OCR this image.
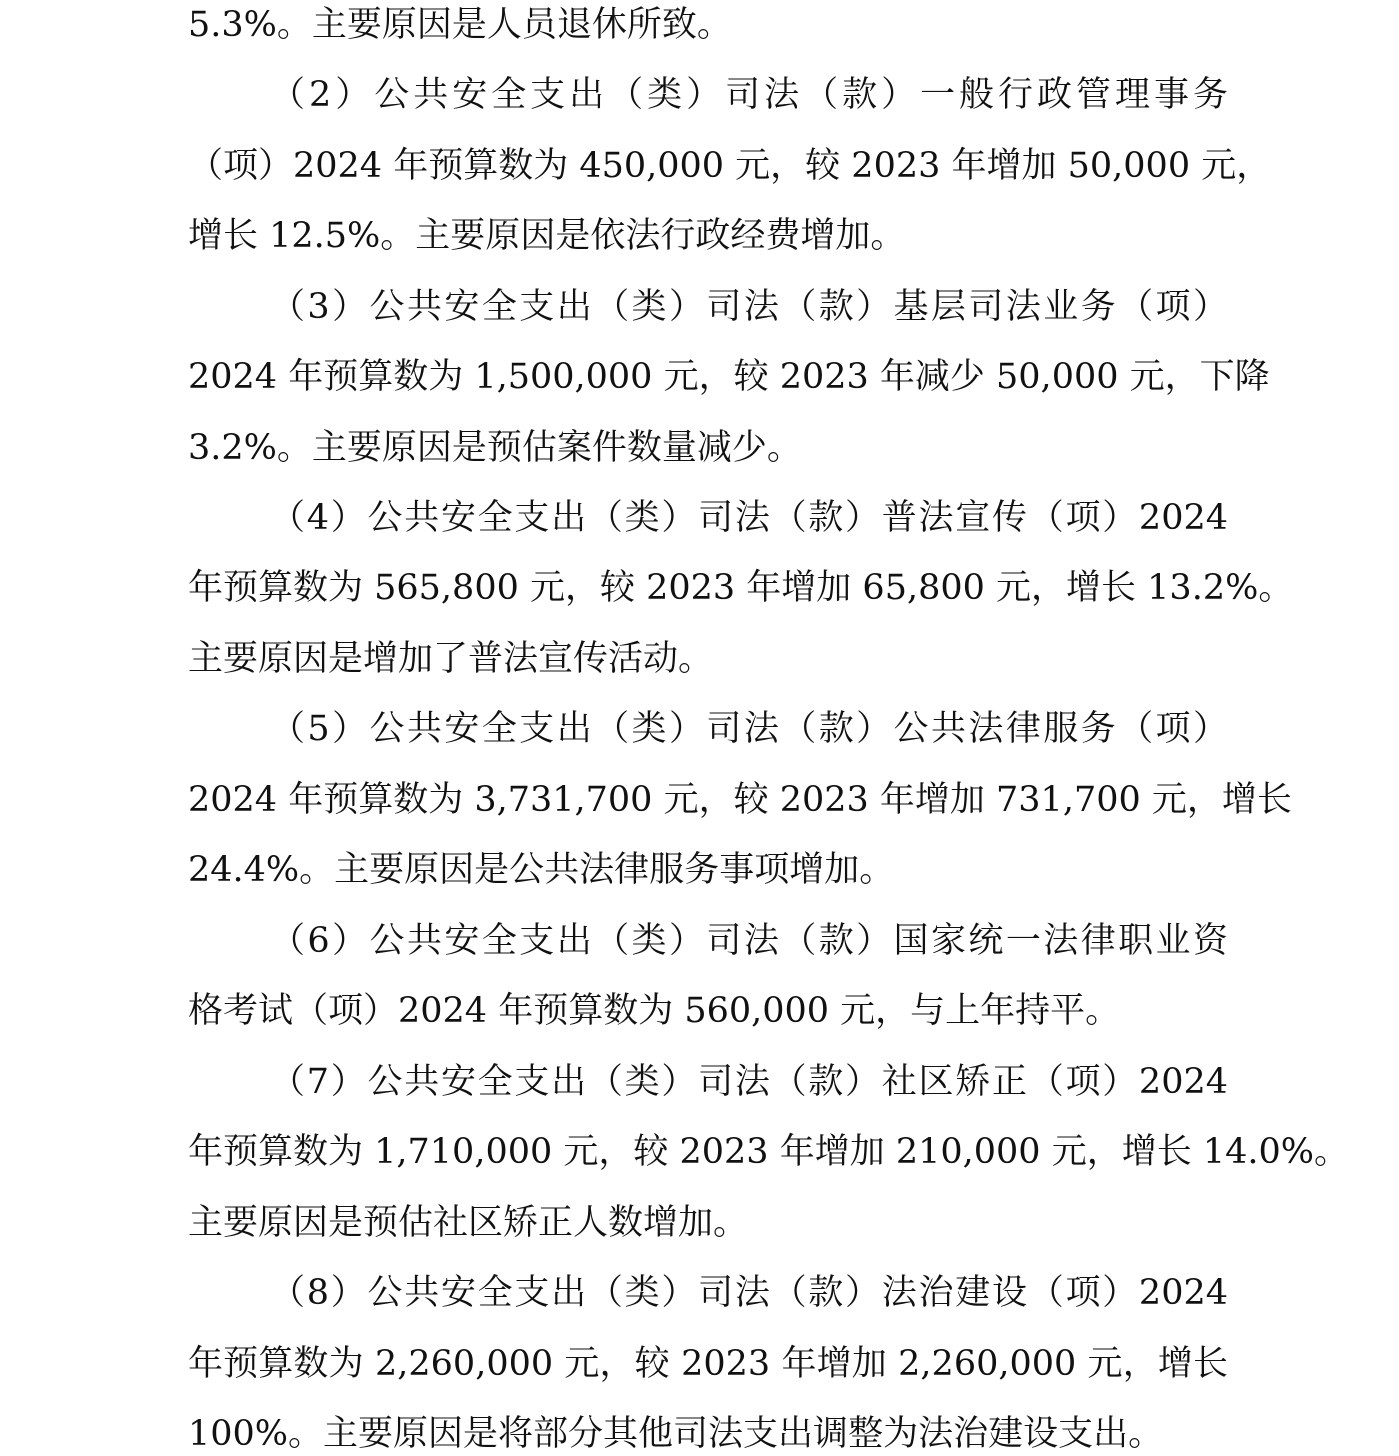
5.3%。主要原因是人员退休所致。
（2）公共安全支出（类）司法（款）一般行政管理事务
（项）2024 年预算数为 450,000 元，较 2023 年增加 50,000 元，
增长 12.5%。主要原因是依法行政经费增加。
（3）公共安全支出（类）司法（款）基层司法业务（项）
2024 年预算数为 1,500,000 元，较 2023 年减少 50,000 元，下降
3.2%。主要原因是预估案件数量减少。
（4）公共安全支出（类）司法（款）普法宣传（项）2024
年预算数为 565,800 元，较 2023 年增加 65,800 元，增长 13.2%。
主要原因是增加了普法宣传活动。
（5）公共安全支出（类）司法（款）公共法律服务（项）
2024 年预算数为 3,731,700 元，较 2023 年增加 731,700 元，增长
24.4%。主要原因是公共法律服务事项增加。
（6）公共安全支出（类）司法（款）国家统一法律职业资
格考试（项）2024 年预算数为 560,000 元，与上年持平。
（7）公共安全支出（类）司法（款）社区矫正（项）2024
年预算数为 1,710,000 元，较 2023 年增加 210,000 元，增长 14.0%。
主要原因是预估社区矫正人数增加。
（8）公共安全支出（类）司法（款）法治建设（项）2024
年预算数为 2,260,000 元，较 2023 年增加 2,260,000 元，增长
100%。主要原因是将部分其他司法支出调整为法治建设支出。
